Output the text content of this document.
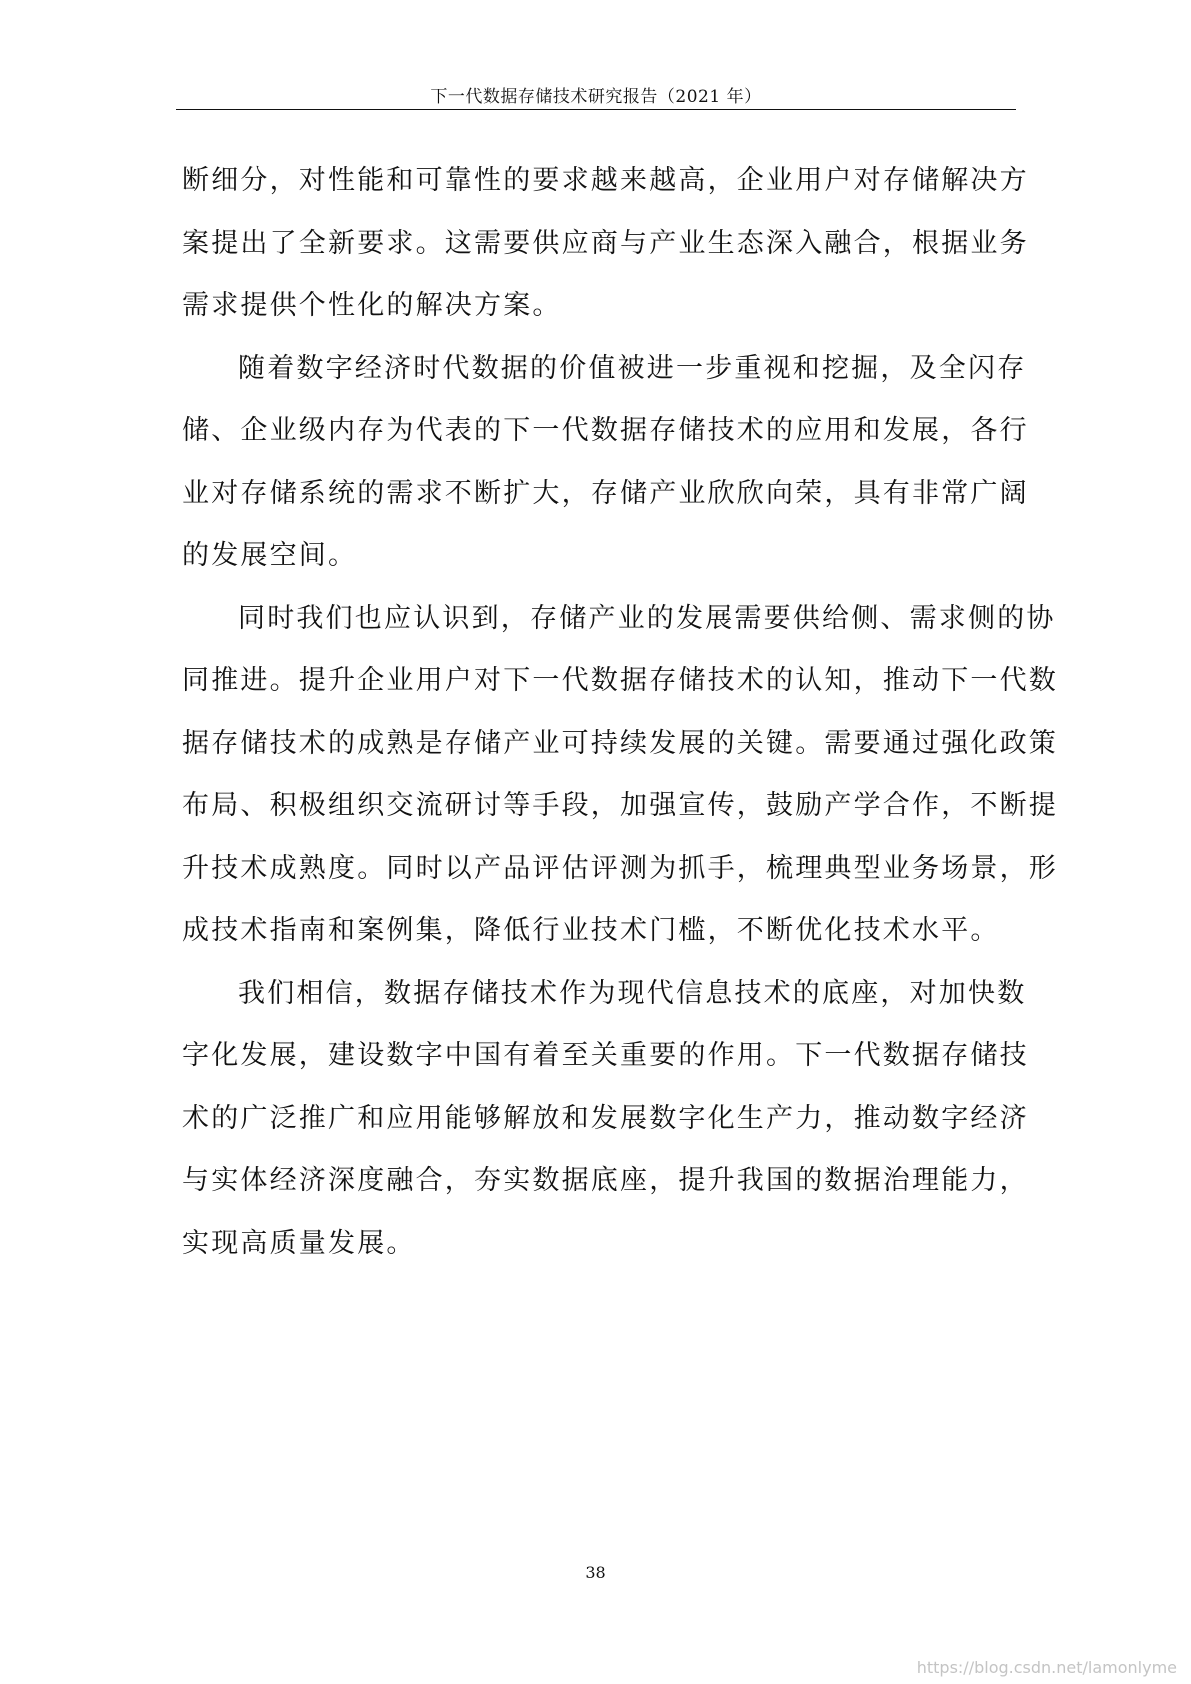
下一代数据存储技术研究报告（2021 年）
断细分，对性能和可靠性的要求越来越高，企业用户对存储解决方
案提出了全新要求。这需要供应商与产业生态深入融合，根据业务
需求提供个性化的解决方案。
随着数字经济时代数据的价值被进一步重视和挖掘，及全闪存
储、企业级内存为代表的下一代数据存储技术的应用和发展，各行
业对存储系统的需求不断扩大，存储产业欣欣向荣，具有非常广阔
的发展空间。
同时我们也应认识到，存储产业的发展需要供给侧、需求侧的协
同推进。提升企业用户对下一代数据存储技术的认知，推动下一代数
据存储技术的成熟是存储产业可持续发展的关键。需要通过强化政策
布局、积极组织交流研讨等手段，加强宣传，鼓励产学合作，不断提
升技术成熟度。同时以产品评估评测为抓手，梳理典型业务场景，形
成技术指南和案例集，降低行业技术门槛，不断优化技术水平。
我们相信，数据存储技术作为现代信息技术的底座，对加快数
字化发展，建设数字中国有着至关重要的作用。下一代数据存储技
术的广泛推广和应用能够解放和发展数字化生产力，推动数字经济
与实体经济深度融合，夯实数据底座，提升我国的数据治理能力，
实现高质量发展。
38
https://blog.csdn.net/lamonlyme
